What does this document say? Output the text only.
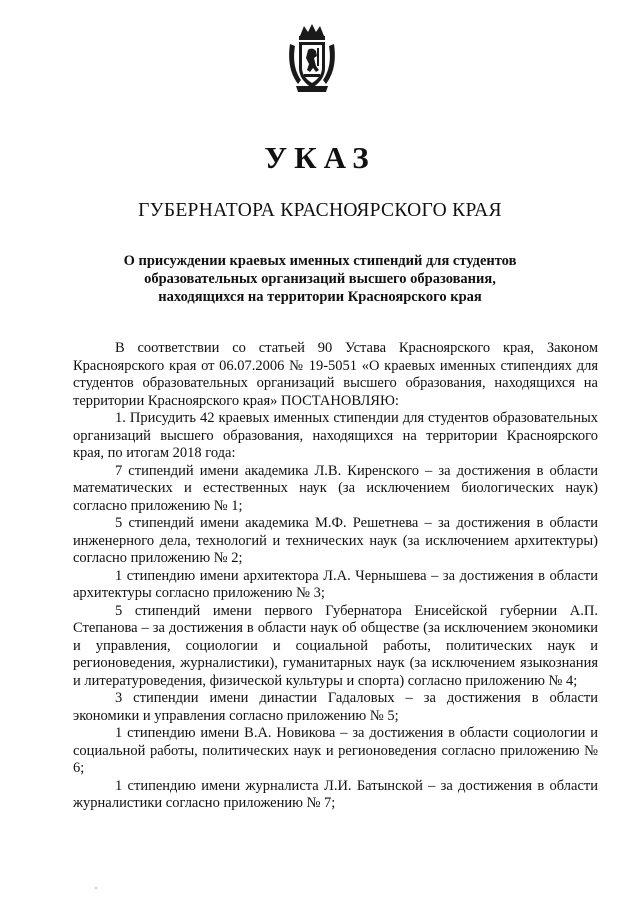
УКАЗ
ГУБЕРНАТОРА КРАСНОЯРСКОГО КРАЯ
О присуждении краевых именных стипендий для студентов образовательных организаций высшего образования, находящихся на территории Красноярского края

В соответствии со статьей 90 Устава Красноярского края, Законом Красноярского края от 06.07.2006 № 19-5051 «О краевых именных стипендиях для студентов образовательных организаций высшего образования, находящихся на территории Красноярского края» ПОСТАНОВЛЯЮ:

1. Присудить 42 краевых именных стипендии для студентов образовательных организаций высшего образования, находящихся на территории Красноярского края, по итогам 2018 года:

7 стипендий имени академика Л.В. Киренского – за достижения в области математических и естественных наук (за исключением биологических наук) согласно приложению № 1;

5 стипендий имени академика М.Ф. Решетнева – за достижения в области инженерного дела, технологий и технических наук (за исключением архитектуры) согласно приложению № 2;

1 стипендию имени архитектора Л.А. Чернышева – за достижения в области архитектуры согласно приложению № 3;

5 стипендий имени первого Губернатора Енисейской губернии А.П. Степанова – за достижения в области наук об обществе (за исключением экономики и управления, социологии и социальной работы, политических наук и регионоведения, журналистики), гуманитарных наук (за исключением языкознания и литературоведения, физической культуры и спорта) согласно приложению № 4;

3 стипендии имени династии Гадаловых – за достижения в области экономики и управления согласно приложению № 5;

1 стипендию имени В.А. Новикова – за достижения в области социологии и социальной работы, политических наук и регионоведения согласно приложению № 6;

1 стипендию имени журналиста Л.И. Батынской – за достижения в области журналистики согласно приложению № 7;
